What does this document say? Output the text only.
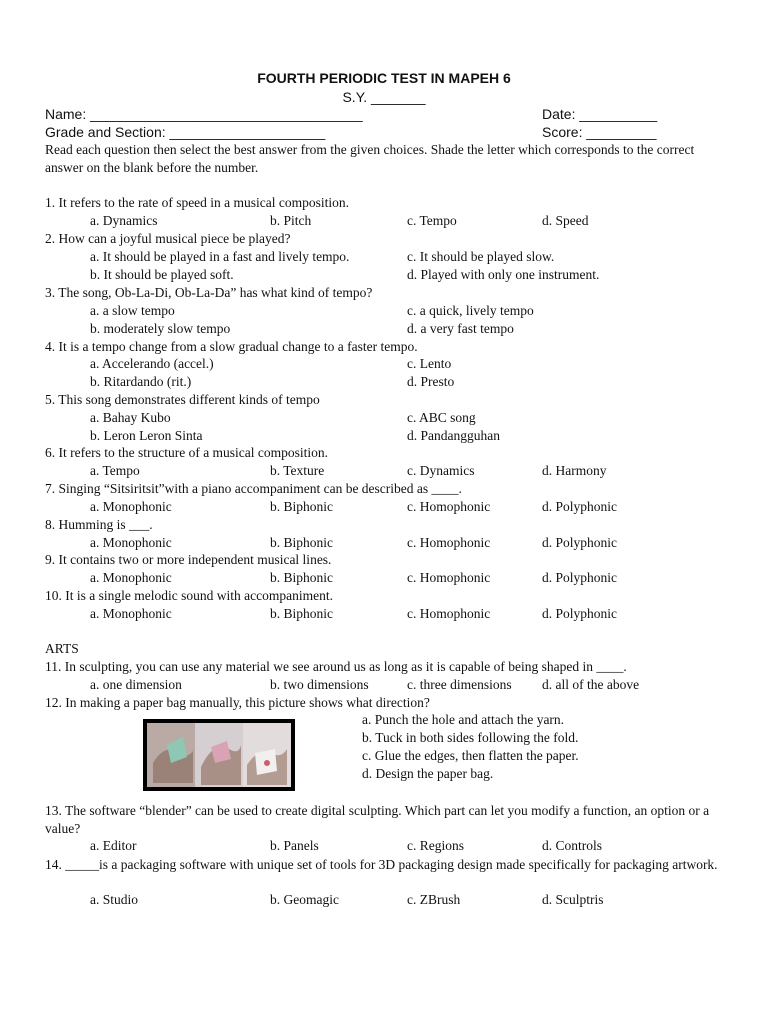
FOURTH PERIODIC TEST IN MAPEH 6
S.Y. _______
Name: ___________________________________	Date: __________
Grade and Section: ____________________	Score: _________
Read each question then select the best answer from the given choices. Shade the letter which corresponds to the correct answer on the blank before the number.
1. It refers to the rate of speed in a musical composition.
a. Dynamics	b. Pitch	c. Tempo	d. Speed
2. How can a joyful musical piece be played?
a. It should be played in a fast and lively tempo.	c. It should be played slow.
b. It should be played soft.	d. Played with only one instrument.
3. The song, Ob-La-Di, Ob-La-Da” has what kind of tempo?
a. a slow tempo	c. a quick, lively tempo
b. moderately slow tempo	d. a very fast tempo
4. It is a tempo change from a slow gradual change to a faster tempo.
a. Accelerando (accel.)	c. Lento
b. Ritardando (rit.)	d. Presto
5. This song demonstrates different kinds of tempo
a. Bahay Kubo	c. ABC song
b. Leron Leron Sinta	d. Pandangguhan
6. It refers to the structure of a musical composition.
a. Tempo	b. Texture	c. Dynamics	d. Harmony
7. Singing “Sitsiritsit”with a piano accompaniment can be described as ____.
a. Monophonic	b. Biphonic	c. Homophonic	d. Polyphonic
8. Humming is ___.
a. Monophonic	b. Biphonic	c. Homophonic	d. Polyphonic
9. It contains two or more independent musical lines.
a. Monophonic	b. Biphonic	c. Homophonic	d. Polyphonic
10. It is a single melodic sound with accompaniment.
a. Monophonic	b. Biphonic	c. Homophonic	d. Polyphonic
ARTS
11. In sculpting, you can use any material we see around us as long as it is capable of being shaped in ____.
a. one dimension	b. two dimensions	c. three dimensions d. all of the above
12. In making a paper bag manually, this picture shows what direction?
a. Punch the hole and attach the yarn.
b. Tuck in both sides following the fold.
c. Glue the edges, then flatten the paper.
d. Design the paper bag.
13. The software “blender” can be used to create digital sculpting. Which part can let you modify a function, an option or a value?
a. Editor	b. Panels	c. Regions	d. Controls
14. _____is a packaging software with unique set of tools for 3D packaging design made specifically for packaging artwork.
a. Studio	b. Geomagic	c. ZBrush	d. Sculptris
